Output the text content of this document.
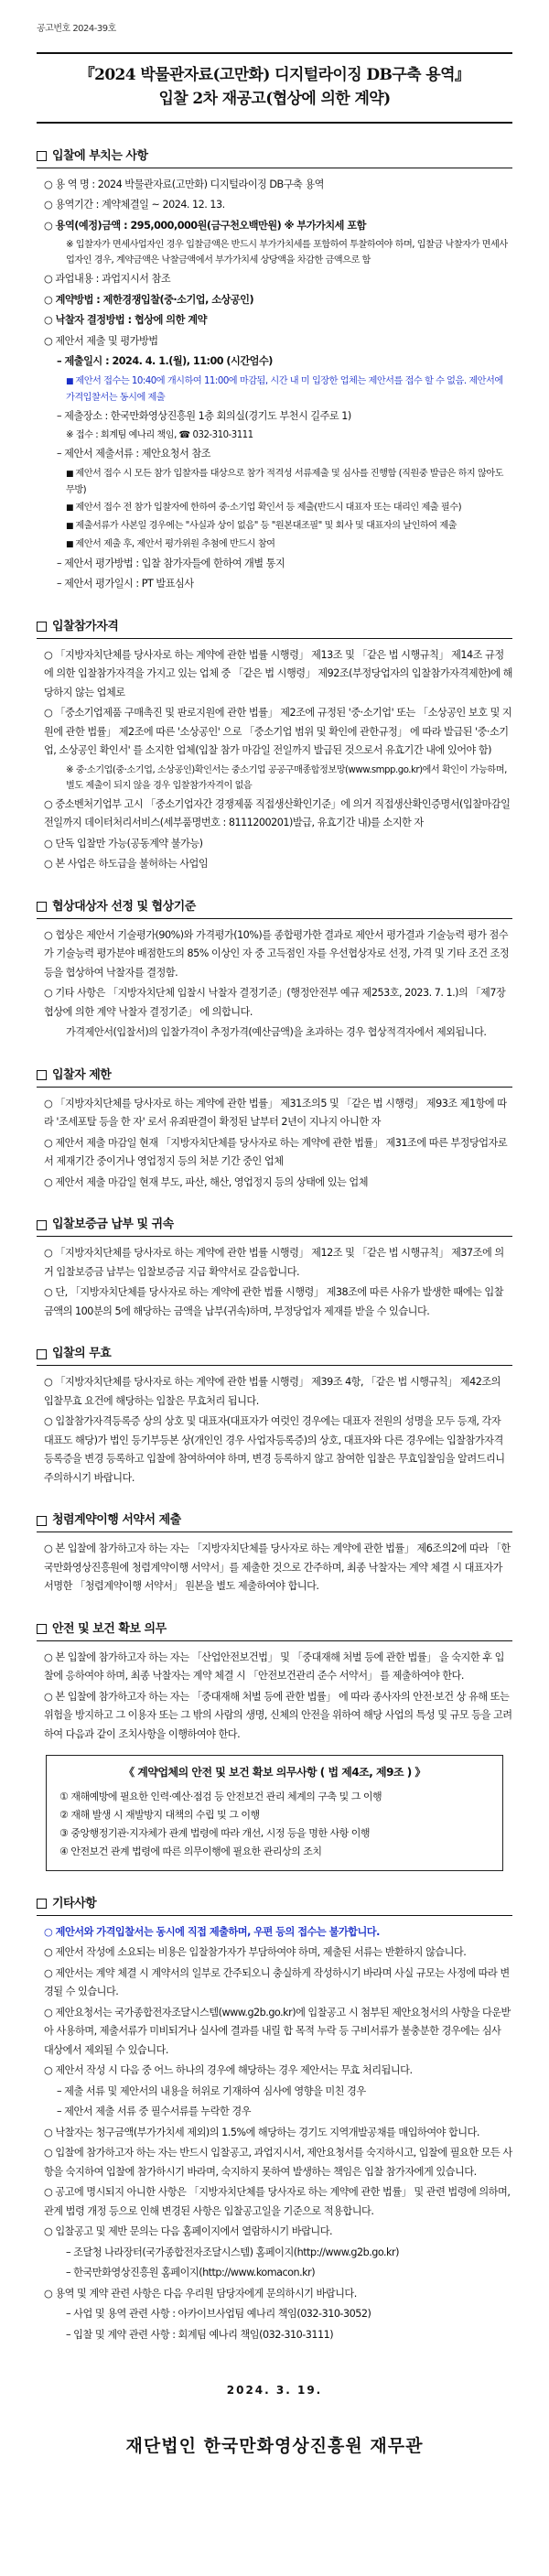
공고번호 2024-39호
『2024 박물관자료(고만화) 디지털라이징 DB구축 용역』
입찰 2차 재공고(협상에 의한 계약)
입찰에 부치는 사항
○ 용 역 명 : 2024 박물관자료(고만화) 디지털라이징 DB구축 용역
○ 용역기간 : 계약체결일 ~ 2024. 12. 13.
○ 용역(예정)금액 : 295,000,000원(금구천오백만원) ※ 부가가치세 포함
※ 입찰자가 면세사업자인 경우 입찰금액은 반드시 부가가치세를 포함하여 투찰하여야 하며, 입찰금 낙찰자가 면세사업자인 경우, 계약금액은 낙찰금액에서 부가가치세 상당액을 차감한 금액으로 함
○ 과업내용 : 과업지시서 참조
○ 계약방법 : 제한경쟁입찰(중·소기업, 소상공인)
○ 낙찰자 결정방법 : 협상에 의한 계약
○ 제안서 제출 및 평가방법
– 제출일시 : 2024. 4. 1.(월), 11:00 (시간엄수)
■ 제안서 접수는 10:40에 개시하여 11:00에 마감됨, 시간 내 미 입장한 업체는 제안서를 접수 할 수 없음. 제안서에 가격입찰서는 동시에 제출
– 제출장소 : 한국만화영상진흥원 1층 회의실(경기도 부천시 길주로 1)
※ 접수 : 회계팀 예나리 책임, ☎ 032-310-3111
– 제안서 제출서류 : 제안요청서 참조
■ 제안서 접수 시 모든 참가 입찰자를 대상으로 참가 적격성 서류제출 및 심사를 진행함 (직원중 발급은 하지 않아도 무방)
■ 제안서 접수 전 참가 입찰자에 한하여 중·소기업 확인서 등 제출(반드시 대표자 또는 대리인 제출 필수)
■ 제출서류가 사본일 경우에는 "사실과 상이 없음" 등 "원본대조필" 및 회사 및 대표자의 날인하여 제출
■ 제안서 제출 후, 제안서 평가위원 추첨에 반드시 참여
– 제안서 평가방법 : 입찰 참가자들에 한하여 개별 통지
– 제안서 평가일시 : PT 발표심사
입찰참가자격
○ 「지방자치단체를 당사자로 하는 계약에 관한 법률 시행령」 제13조 및 「같은 법 시행규칙」 제14조 규정에 의한 입찰참가자격을 가지고 있는 업체 중 「같은 법 시행령」 제92조(부정당업자의 입찰참가자격제한)에 해당하지 않는 업체로
○ 「중소기업제품 구매촉진 및 판로지원에 관한 법률」 제2조에 규정된 '중·소기업' 또는 「소상공인 보호 및 지원에 관한 법률」 제2조에 따른 '소상공인' 으로 「중소기업 범위 및 확인에 관한규정」 에 따라 발급된 '중·소기업, 소상공인 확인서' 를 소지한 업체(입찰 참가 마감일 전일까지 발급된 것으로서 유효기간 내에 있어야 함)
※ 중·소기업(중·소기업, 소상공인)확인서는 중소기업 공공구매종합정보망(www.smpp.go.kr)에서 확인이 가능하며, 별도 제출이 되지 않을 경우 입찰참가자격이 없음
○ 중소벤처기업부 고시 「중소기업자간 경쟁제품 직접생산확인기준」에 의거 직접생산확인증명서(입찰마감일 전일까지 데이터처리서비스(세부품명번호 : 8111200201)발급, 유효기간 내)를 소지한 자
○ 단독 입찰만 가능(공동계약 불가능)
○ 본 사업은 하도급을 불허하는 사업임
협상대상자 선정 및 협상기준
○ 협상은 제안서 기술평가(90%)와 가격평가(10%)를 종합평가한 결과로 제안서 평가결과 기술능력 평가 점수가 기술능력 평가분야 배점한도의 85% 이상인 자 중 고득점인 자를 우선협상자로 선정, 가격 및 기타 조건 조정 등을 협상하여 낙찰자를 결정함.
○ 기타 사항은 「지방자치단체 입찰시 낙찰자 결정기준」(행정안전부 예규 제253호, 2023. 7. 1.)의 「제7장 협상에 의한 계약 낙찰자 결정기준」 에 의합니다.
가격제안서(입찰서)의 입찰가격이 추정가격(예산금액)을 초과하는 경우 협상적격자에서 제외됩니다.
입찰자 제한
○ 「지방자치단체를 당사자로 하는 계약에 관한 법률」 제31조의5 및 「같은 법 시행령」 제93조 제1항에 따라 '조세포탈 등을 한 자' 로서 유죄판결이 확정된 날부터 2년이 지나지 아니한 자
○ 제안서 제출 마감일 현재 「지방자치단체를 당사자로 하는 계약에 관한 법률」 제31조에 따른 부정당업자로서 제재기간 중이거나 영업정지 등의 처분 기간 중인 업체
○ 제안서 제출 마감일 현재 부도, 파산, 해산, 영업정지 등의 상태에 있는 업체
입찰보증금 납부 및 귀속
○ 「지방자치단체를 당사자로 하는 계약에 관한 법률 시행령」 제12조 및 「같은 법 시행규칙」 제37조에 의거 입찰보증금 납부는 입찰보증금 지급 확약서로 갈음합니다.
○ 단, 「지방자치단체를 당사자로 하는 계약에 관한 법률 시행령」 제38조에 따른 사유가 발생한 때에는 입찰금액의 100분의 5에 해당하는 금액을 납부(귀속)하며, 부정당업자 제재를 받을 수 있습니다.
입찰의 무효
○ 「지방자치단체를 당사자로 하는 계약에 관한 법률 시행령」 제39조 4항, 「같은 법 시행규칙」 제42조의 입찰무효 요건에 해당하는 입찰은 무효처리 됩니다.
○ 입찰참가자격등록증 상의 상호 및 대표자(대표자가 여럿인 경우에는 대표자 전원의 성명을 모두 등재, 각자 대표도 해당)가 법인 등기부등본 상(개인인 경우 사업자등록증)의 상호, 대표자와 다른 경우에는 입찰참가자격 등록증을 변경 등록하고 입찰에 참여하여야 하며, 변경 등록하지 않고 참여한 입찰은 무효입찰임을 알려드리니 주의하시기 바랍니다.
청렴계약이행 서약서 제출
○ 본 입찰에 참가하고자 하는 자는 「지방자치단체를 당사자로 하는 계약에 관한 법률」 제6조의2에 따라 「한국만화영상진흥원에 청렴계약이행 서약서」를 제출한 것으로 간주하며, 최종 낙찰자는 계약 체결 시 대표자가 서명한 「청렴계약이행 서약서」 원본을 별도 제출하여야 합니다.
안전 및 보건 확보 의무
○ 본 입찰에 참가하고자 하는 자는 「산업안전보건법」 및 「중대재해 처벌 등에 관한 법률」 을 숙지한 후 입찰에 응하여야 하며, 최종 낙찰자는 계약 체결 시 「안전보건관리 준수 서약서」 를 제출하여야 한다.
○ 본 입찰에 참가하고자 하는 자는 「중대재해 처벌 등에 관한 법률」 에 따라 종사자의 안전·보건 상 유해 또는 위험을 방지하고 그 이용자 또는 그 밖의 사람의 생명, 신체의 안전을 위하여 해당 사업의 특성 및 규모 등을 고려하여 다음과 같이 조치사항을 이행하여야 한다.
《 계약업체의 안전 및 보건 확보 의무사항 ( 법 제4조, 제9조 ) 》
① 재해예방에 필요한 인력·예산·점검 등 안전보건 관리 체계의 구축 및 그 이행
② 재해 발생 시 재발방지 대책의 수립 및 그 이행
③ 중앙행정기관·지자체가 관계 법령에 따라 개선, 시정 등을 명한 사항 이행
④ 안전보건 관계 법령에 따른 의무이행에 필요한 관리상의 조치
기타사항
○ 제안서와 가격입찰서는 동시에 직접 제출하며, 우편 등의 접수는 불가합니다.
○ 제안서 작성에 소요되는 비용은 입찰참가자가 부담하여야 하며, 제출된 서류는 반환하지 않습니다.
○ 제안서는 계약 체결 시 계약서의 일부로 간주되오니 충실하게 작성하시기 바라며 사실 규모는 사정에 따라 변경될 수 있습니다.
○ 제안요청서는 국가종합전자조달시스템(www.g2b.go.kr)에 입찰공고 시 첨부된 제안요청서의 사항을 다운받아 사용하며, 제출서류가 미비되거나 실사에 결과를 내릴 합 목적 누락 등 구비서류가 불충분한 경우에는 심사 대상에서 제외될 수 있습니다.
○ 제안서 작성 시 다음 중 어느 하나의 경우에 해당하는 경우 제안서는 무효 처리됩니다.
– 제출 서류 및 제안서의 내용을 허위로 기재하여 심사에 영향을 미친 경우
– 제안서 제출 서류 중 필수서류를 누락한 경우
○ 낙찰자는 청구금액(부가가치세 제외)의 1.5%에 해당하는 경기도 지역개발공채를 매입하여야 합니다.
○ 입찰에 참가하고자 하는 자는 반드시 입찰공고, 과업지시서, 제안요청서를 숙지하시고, 입찰에 필요한 모든 사항을 숙지하여 입찰에 참가하시기 바라며, 숙지하지 못하여 발생하는 책임은 입찰 참가자에게 있습니다.
○ 공고에 명시되지 아니한 사항은 「지방자치단체를 당사자로 하는 계약에 관한 법률」 및 관련 법령에 의하며, 관계 법령 개정 등으로 인해 변경된 사항은 입찰공고일을 기준으로 적용합니다.
○ 입찰공고 및 제반 문의는 다음 홈페이지에서 열람하시기 바랍니다.
– 조달청 나라장터(국가종합전자조달시스템) 홈페이지(http://www.g2b.go.kr)
– 한국만화영상진흥원 홈페이지(http://www.komacon.kr)
○ 용역 및 계약 관련 사항은 다음 우리원 담당자에게 문의하시기 바랍니다.
– 사업 및 용역 관련 사항 : 아카이브사업팀 예나리 책임(032-310-3052)
– 입찰 및 계약 관련 사항 : 회계팀 예나리 책임(032-310-3111)
2024. 3. 19.
재단법인 한국만화영상진흥원 재무관
